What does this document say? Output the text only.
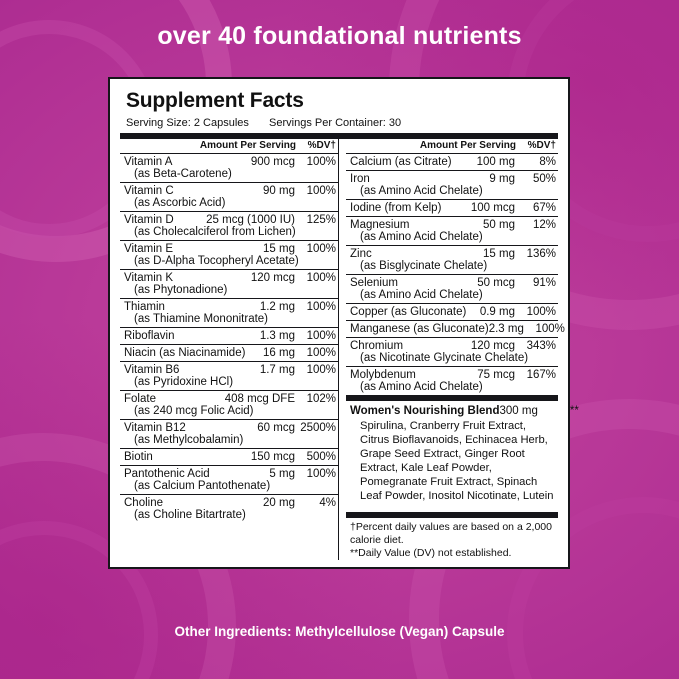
over 40 foundational nutrients
Supplement Facts
Serving Size: 2 Capsules Servings Per Container: 30
Amount Per Serving	%DV†
Vitamin A	900 mcg	100%
(as Beta-Carotene)
Vitamin C	90 mg	100%
(as Ascorbic Acid)
Vitamin D	25 mcg (1000 IU)	125%
(as Cholecalciferol from Lichen)
Vitamin E	15 mg	100%
(as D-Alpha Tocopheryl Acetate)
Vitamin K	120 mcg	100%
(as Phytonadione)
Thiamin	1.2 mg	100%
(as Thiamine Mononitrate)
Riboflavin	1.3 mg	100%
Niacin (as Niacinamide)	16 mg	100%
Vitamin B6	1.7 mg	100%
(as Pyridoxine HCl)
Folate	408 mcg DFE	102%
(as 240 mcg Folic Acid)
Vitamin B12	60 mcg 2500%
(as Methylcobalamin)
Biotin	150 mcg	500%
Pantothenic Acid	5 mg	100%
(as Calcium Pantothenate)
Choline	20 mg	4%
(as Choline Bitartrate)
Amount Per Serving	%DV†
Calcium (as Citrate)	100 mg	8%
Iron	9 mg	50%
(as Amino Acid Chelate)
Iodine (from Kelp)	100 mcg	67%
Magnesium	50 mg	12%
(as Amino Acid Chelate)
Zinc	15 mg	136%
(as Bisglycinate Chelate)
Selenium	50 mcg	91%
(as Amino Acid Chelate)
Copper (as Gluconate)	0.9 mg	100%
Manganese (as Gluconate) 2.3 mg	100%
Chromium	120 mcg	343%
(as Nicotinate Glycinate Chelate)
Molybdenum	75 mcg	167%
(as Amino Acid Chelate)
Women's Nourishing Blend 300 mg	**
Spirulina, Cranberry Fruit Extract, Citrus Bioflavanoids, Echinacea Herb, Grape Seed Extract, Ginger Root Extract, Kale Leaf Powder, Pomegranate Fruit Extract, Spinach Leaf Powder, Inositol Nicotinate, Lutein
†Percent daily values are based on a 2,000 calorie diet.
**Daily Value (DV) not established.
Other Ingredients: Methylcellulose (Vegan) Capsule
